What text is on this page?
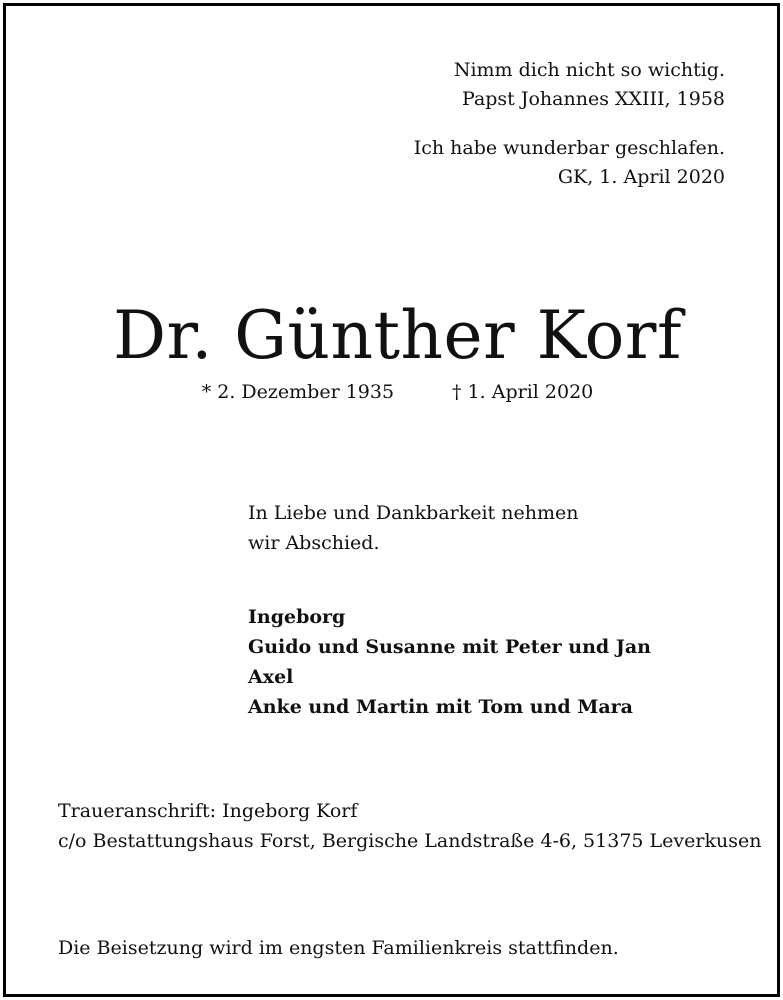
Nimm dich nicht so wichtig.
Papst Johannes XXIII, 1958

Ich habe wunderbar geschlafen.
GK, 1. April 2020

Dr. Günther Korf
* 2. Dezember 1935	† 1. April 2020
In Liebe und Dankbarkeit nehmen
wir Abschied.
Ingeborg
Guido und Susanne mit Peter und Jan
Axel
Anke und Martin mit Tom und Mara
Traueranschrift: Ingeborg Korf
c/o Bestattungshaus Forst, Bergische Landstraße 4-6, 51375 Leverkusen
Die Beisetzung wird im engsten Familienkreis stattfinden.
